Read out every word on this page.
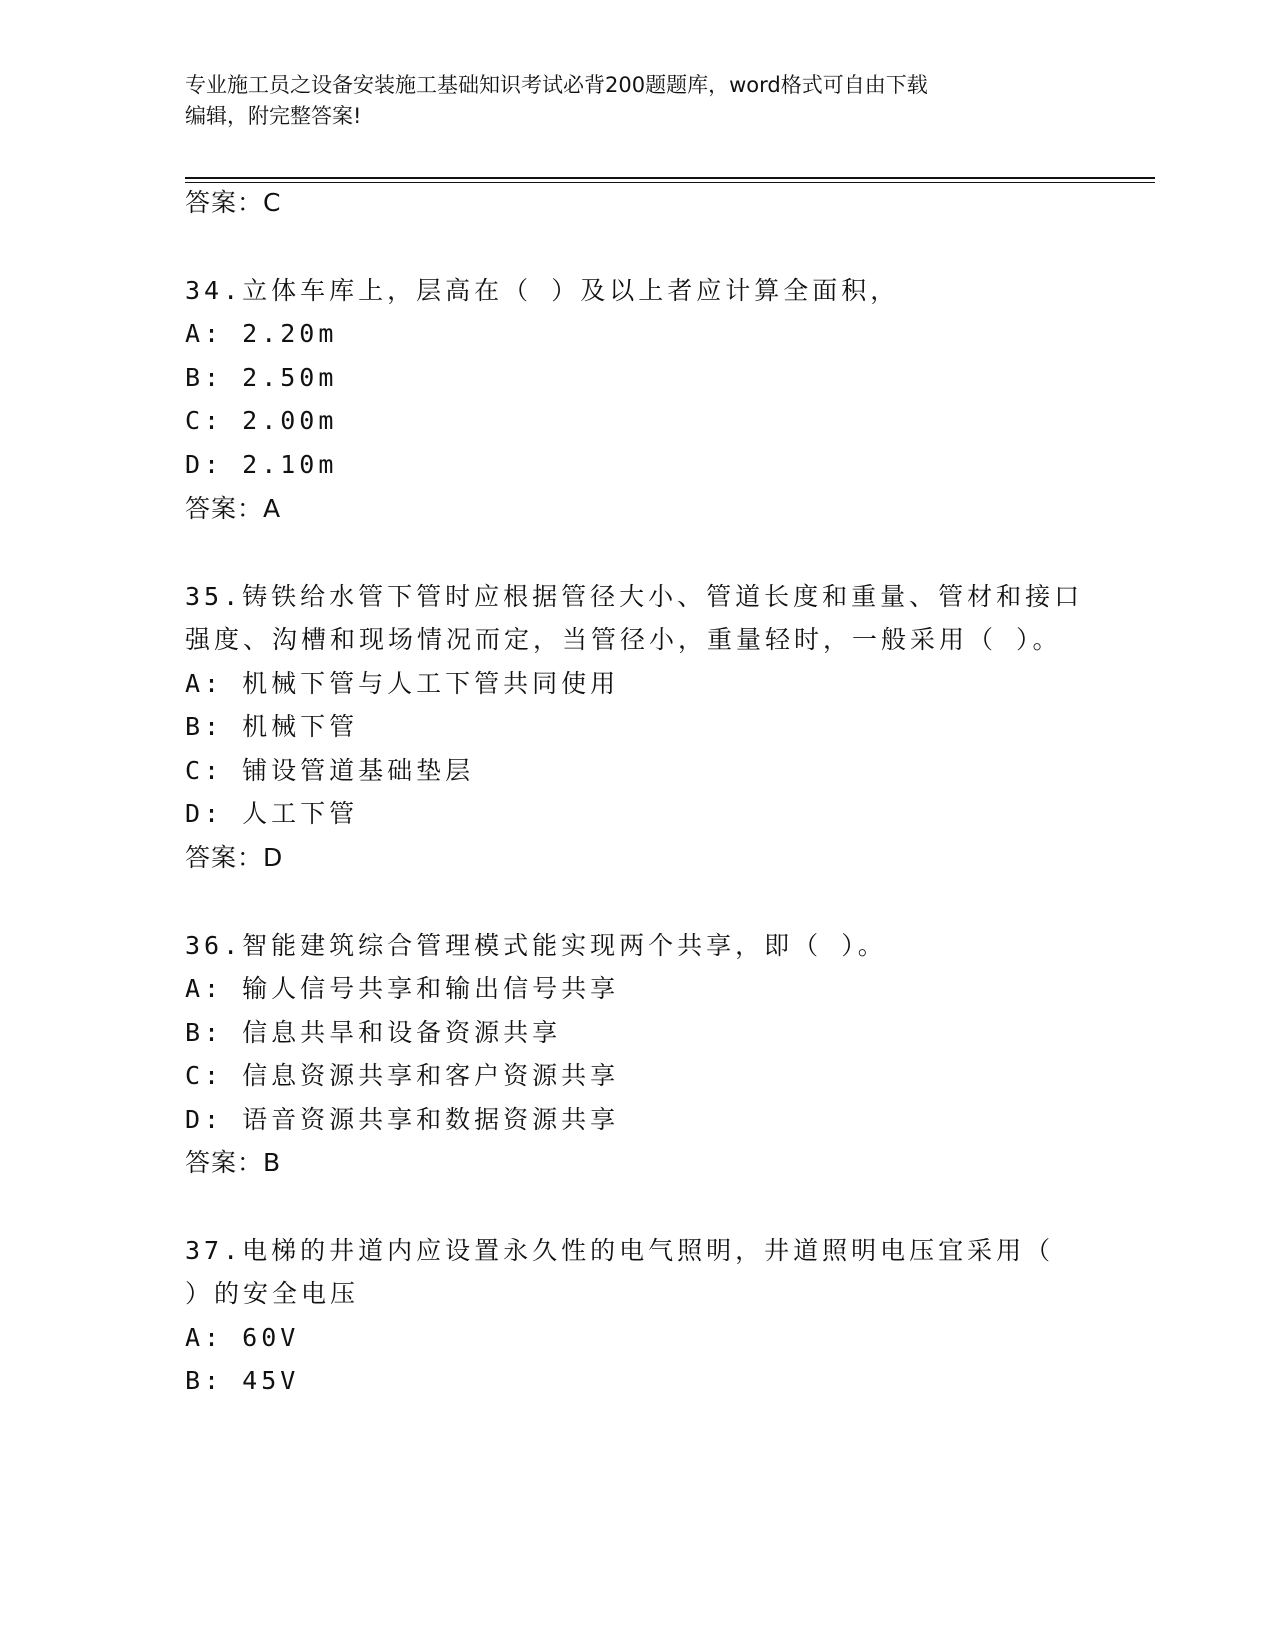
专业施工员之设备安装施工基础知识考试必背200题题库，word格式可自由下载
编辑，附完整答案!
答案：C
34.立体车库上，层高在（ ）及以上者应计算全面积，
A: 2.20m
B: 2.50m
C: 2.00m
D: 2.10m
答案：A
35.铸铁给水管下管时应根据管径大小、管道长度和重量、管材和接口
强度、沟槽和现场情况而定，当管径小，重量轻时，一般采用（ ）。
A: 机械下管与人工下管共同使用
B: 机械下管
C: 铺设管道基础垫层
D: 人工下管
答案：D
36.智能建筑综合管理模式能实现两个共享，即（ ）。
A: 输人信号共享和输出信号共享
B: 信息共旱和设备资源共享
C: 信息资源共享和客户资源共享
D: 语音资源共享和数据资源共享
答案：B
37.电梯的井道内应设置永久性的电气照明，井道照明电压宜采用（
）的安全电压
A: 60V
B: 45V
